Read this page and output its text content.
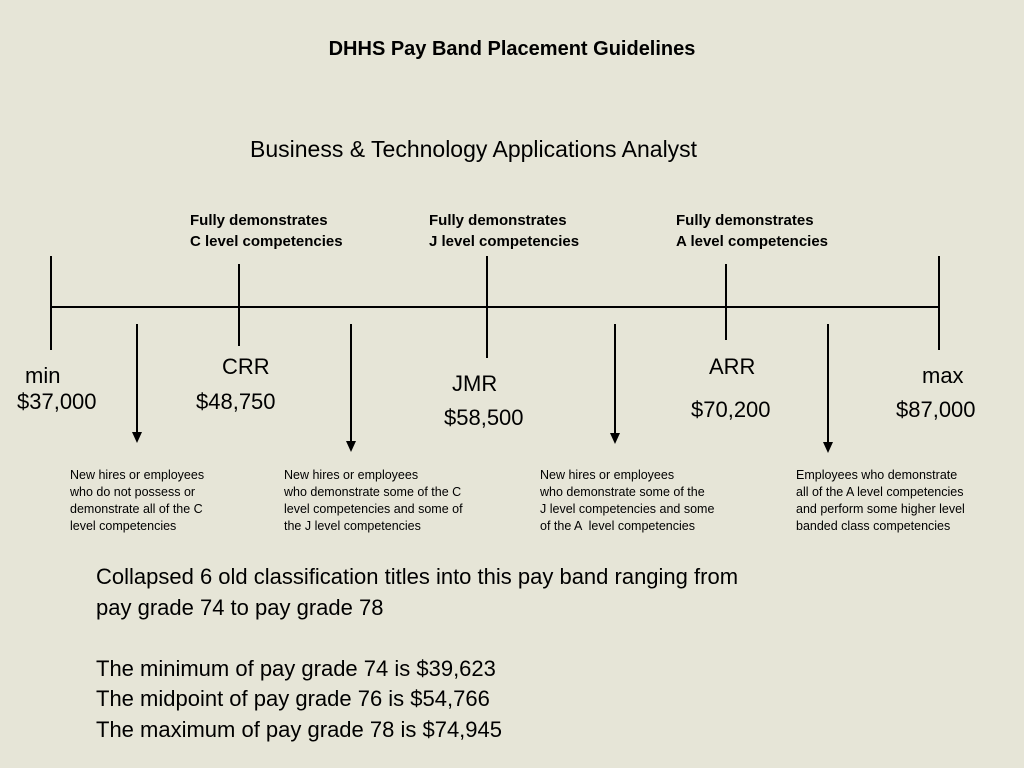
DHHS Pay Band Placement Guidelines
Business & Technology Applications Analyst
Fully demonstrates
C level competencies
Fully demonstrates
J level competencies
Fully demonstrates
A level competencies
min
$37,000
CRR
$48,750
JMR
$58,500
ARR
$70,200
max
$87,000
New hires or employees
who do not possess or
demonstrate all of the C
level competencies
New hires or employees
who demonstrate some of the C
level competencies and some of
the J level competencies
New hires or employees
who demonstrate some of the
J level competencies and some
of the A  level competencies
Employees who demonstrate
all of the A level competencies
and perform some higher level
banded class competencies
Collapsed 6 old classification titles into this pay band ranging from
pay grade 74 to pay grade 78
The minimum of pay grade 74 is $39,623
The midpoint of pay grade 76 is $54,766
The maximum of pay grade 78 is $74,945
